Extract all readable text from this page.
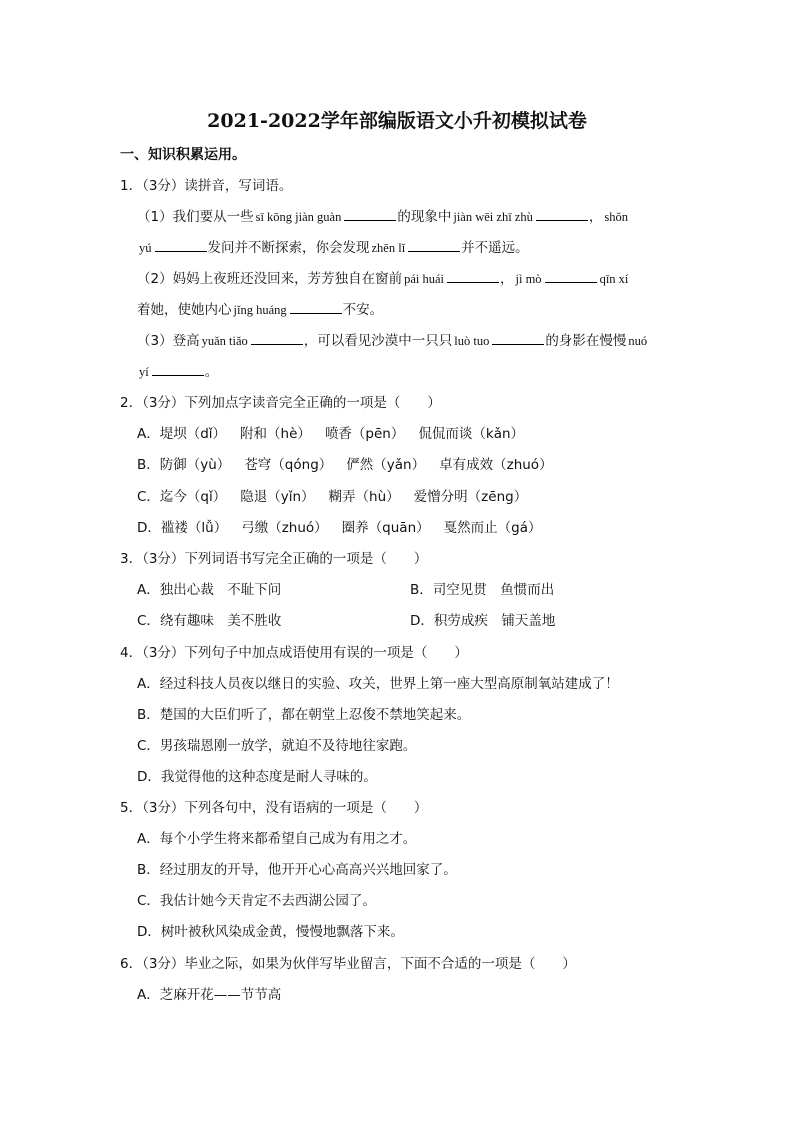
2021-2022学年部编版语文小升初模拟试卷
一、知识积累运用。
1．（3分）读拼音，写词语。
（1）我们要从一些 sī kōng jiàn guàn	的现象中 jiàn wēi zhī zhù	， shǒn
yú	发问并不断探索，你会发现 zhēn lǐ	并不遥远。
（2）妈妈上夜班还没回来，芳芳独自在窗前 pái huái	， jì mò	qīn xí
着她，使她内心 jǐng huáng	不安。
（3）登高 yuǎn tiǎo	，可以看见沙漠中一只只 luò tuo	的身影在慢慢 nuó
yí	。
2．（3分）下列加点字读音完全正确的一项是（　　）
A．堤坝（dǐ） 附和（hè） 喷香（pēn） 侃侃而谈（kǎn）
B．防御（yù） 苍穹（qóng） 俨然（yǎn） 卓有成效（zhuó）
C．迄今（qǐ） 隐退（yǐn） 糊弄（hù） 爱憎分明（zēng）
D．褴褛（lǚ） 弓缴（zhuó） 圈养（quān） 戛然而止（gá）
3．（3分）下列词语书写完全正确的一项是（　　）
A．独出心裁　不耻下问	B．司空见贯　鱼惯而出
C．绕有趣味　美不胜收	D．积劳成疾　铺天盖地
4．（3分）下列句子中加点成语使用有误的一项是（　　）
A．经过科技人员夜以继日的实验、攻关，世界上第一座大型高原制氧站建成了！
B．楚国的大臣们听了，都在朝堂上忍俊不禁地笑起来。
C．男孩瑞恩刚一放学，就迫不及待地往家跑。
D．我觉得他的这种态度是耐人寻味的。
5．（3分）下列各句中，没有语病的一项是（　　）
A．每个小学生将来都希望自己成为有用之才。
B．经过朋友的开导，他开开心心高高兴兴地回家了。
C．我估计她今天肯定不去西湖公园了。
D．树叶被秋风染成金黄，慢慢地飘落下来。
6．（3分）毕业之际，如果为伙伴写毕业留言，下面不合适的一项是（　　）
A．芝麻开花——节节高
